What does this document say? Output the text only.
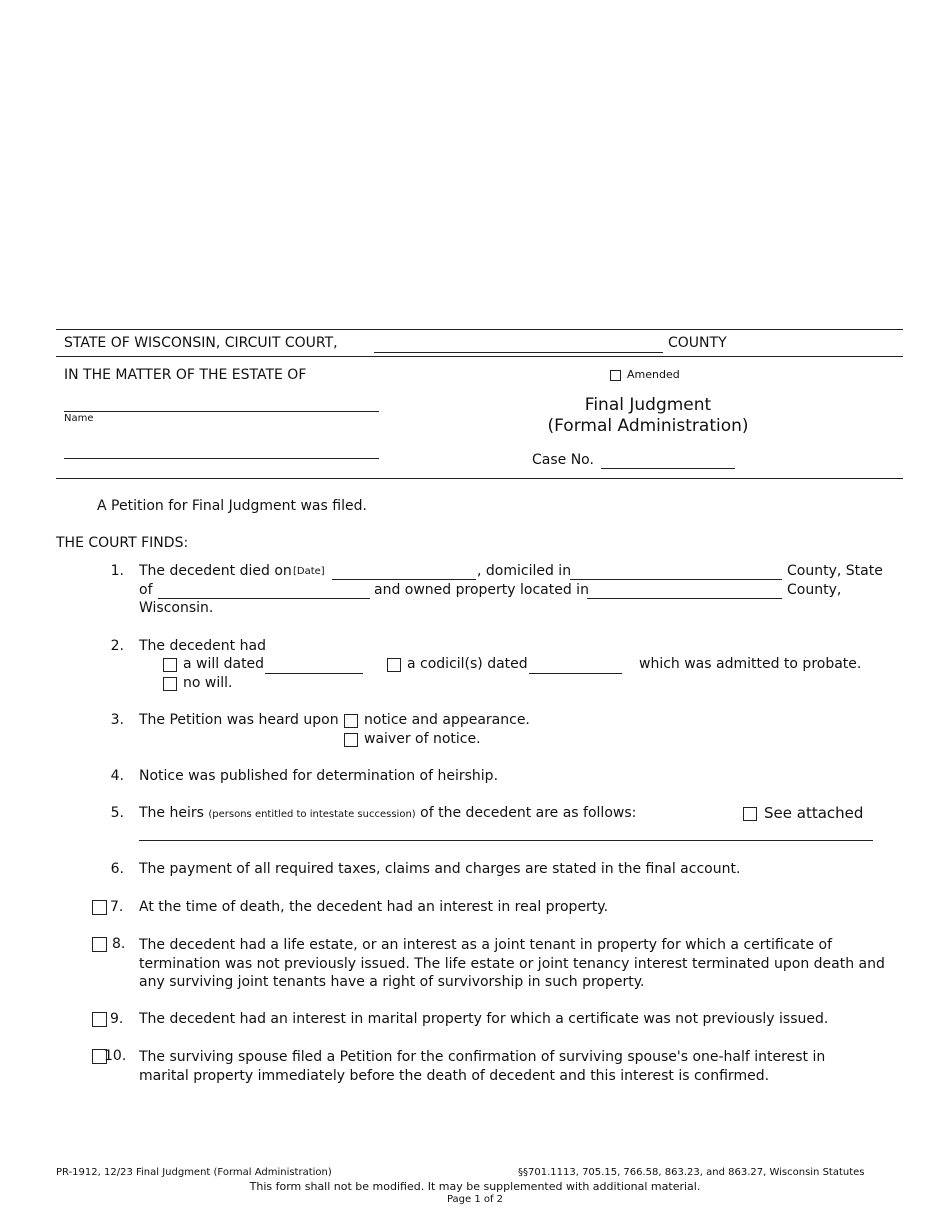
STATE OF WISCONSIN, CIRCUIT COURT,	COUNTY
IN THE MATTER OF THE ESTATE OF
Name
Amended
Final Judgment
(Formal Administration)
Case No.
A Petition for Final Judgment was filed.
THE COURT FINDS:
1. The decedent died on [Date]	, domiciled in	County, State
of	and owned property located in	County,
Wisconsin.
2. The decedent had
a will dated	a codicil(s) dated	which was admitted to probate.
no will.
3. The Petition was heard upon notice and appearance.
waiver of notice.
4. Notice was published for determination of heirship.
5. The heirs (persons entitled to intestate succession) of the decedent are as follows:	See attached
6. The payment of all required taxes, claims and charges are stated in the final account.
7. At the time of death, the decedent had an interest in real property.
8. The decedent had a life estate, or an interest as a joint tenant in property for which a certificate of termination was not previously issued. The life estate or joint tenancy interest terminated upon death and any surviving joint tenants have a right of survivorship in such property.
9. The decedent had an interest in marital property for which a certificate was not previously issued.
10. The surviving spouse filed a Petition for the confirmation of surviving spouse's one-half interest in marital property immediately before the death of decedent and this interest is confirmed.
PR-1912, 12/23 Final Judgment (Formal Administration)	§§701.1113, 705.15, 766.58, 863.23, and 863.27, Wisconsin Statutes
This form shall not be modified. It may be supplemented with additional material.
Page 1 of 2
